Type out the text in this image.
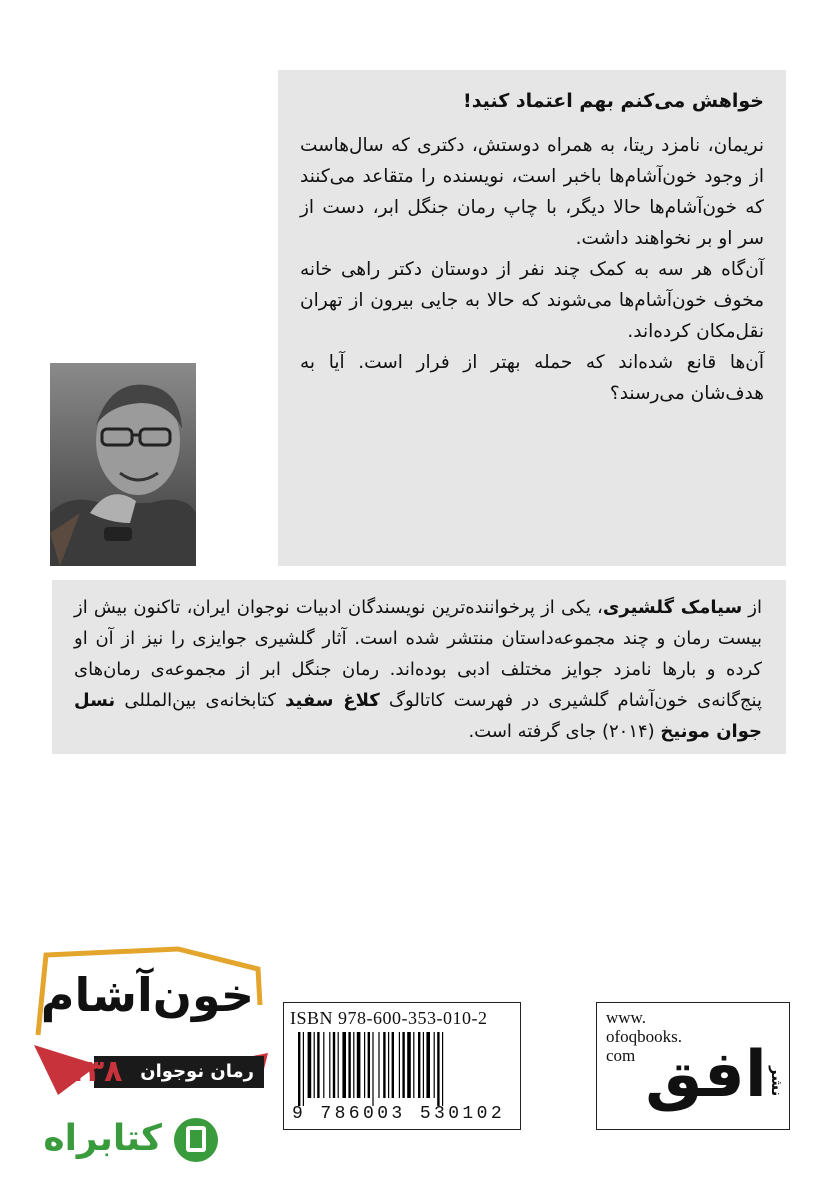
خواهش می‌کنم بهم اعتماد کنید!

نریمان، نامزد ریتا، به همراه دوستش، دکتری که سال‌هاست از وجود خون‌آشام‌ها باخبر است، نویسنده را متقاعد می‌کنند که خون‌آشام‌ها حالا دیگر، با چاپ رمان جنگل ابر، دست از سر او بر نخواهند داشت.

آن‌گاه هر سه به کمک چند نفر از دوستان دکتر راهی خانه مخوف خون‌آشام‌ها می‌شوند که حالا به جایی بیرون از تهران نقل‌مکان کرده‌اند.

آن‌ها قانع شده‌اند که حمله بهتر از فرار است. آیا به هدف‌شان می‌رسند؟

از سیامک گلشیری، یکی از پرخواننده‌ترین نویسندگان ادبیات نوجوان ایران، تاکنون بیش از بیست رمان و چند مجموعه‌داستان منتشر شده است. آثار گلشیری جوایزی را نیز از آن او کرده و بارها نامزد جوایز مختلف ادبی بوده‌اند. رمان جنگل ابر از مجموعه‌ی رمان‌های پنج‌گانه‌ی خون‌آشام گلشیری در فهرست کاتالوگ کلاغ سفید کتابخانه‌ی بین‌المللی نسل جوان مونیخ (۲۰۱۴) جای گرفته است.

خون‌آشام
رمان نوجوان
۱۳۸
کتابراه
ISBN 978-600-353-010-2
9 786003 530102
www.
ofoqbooks.
com افق نشر
